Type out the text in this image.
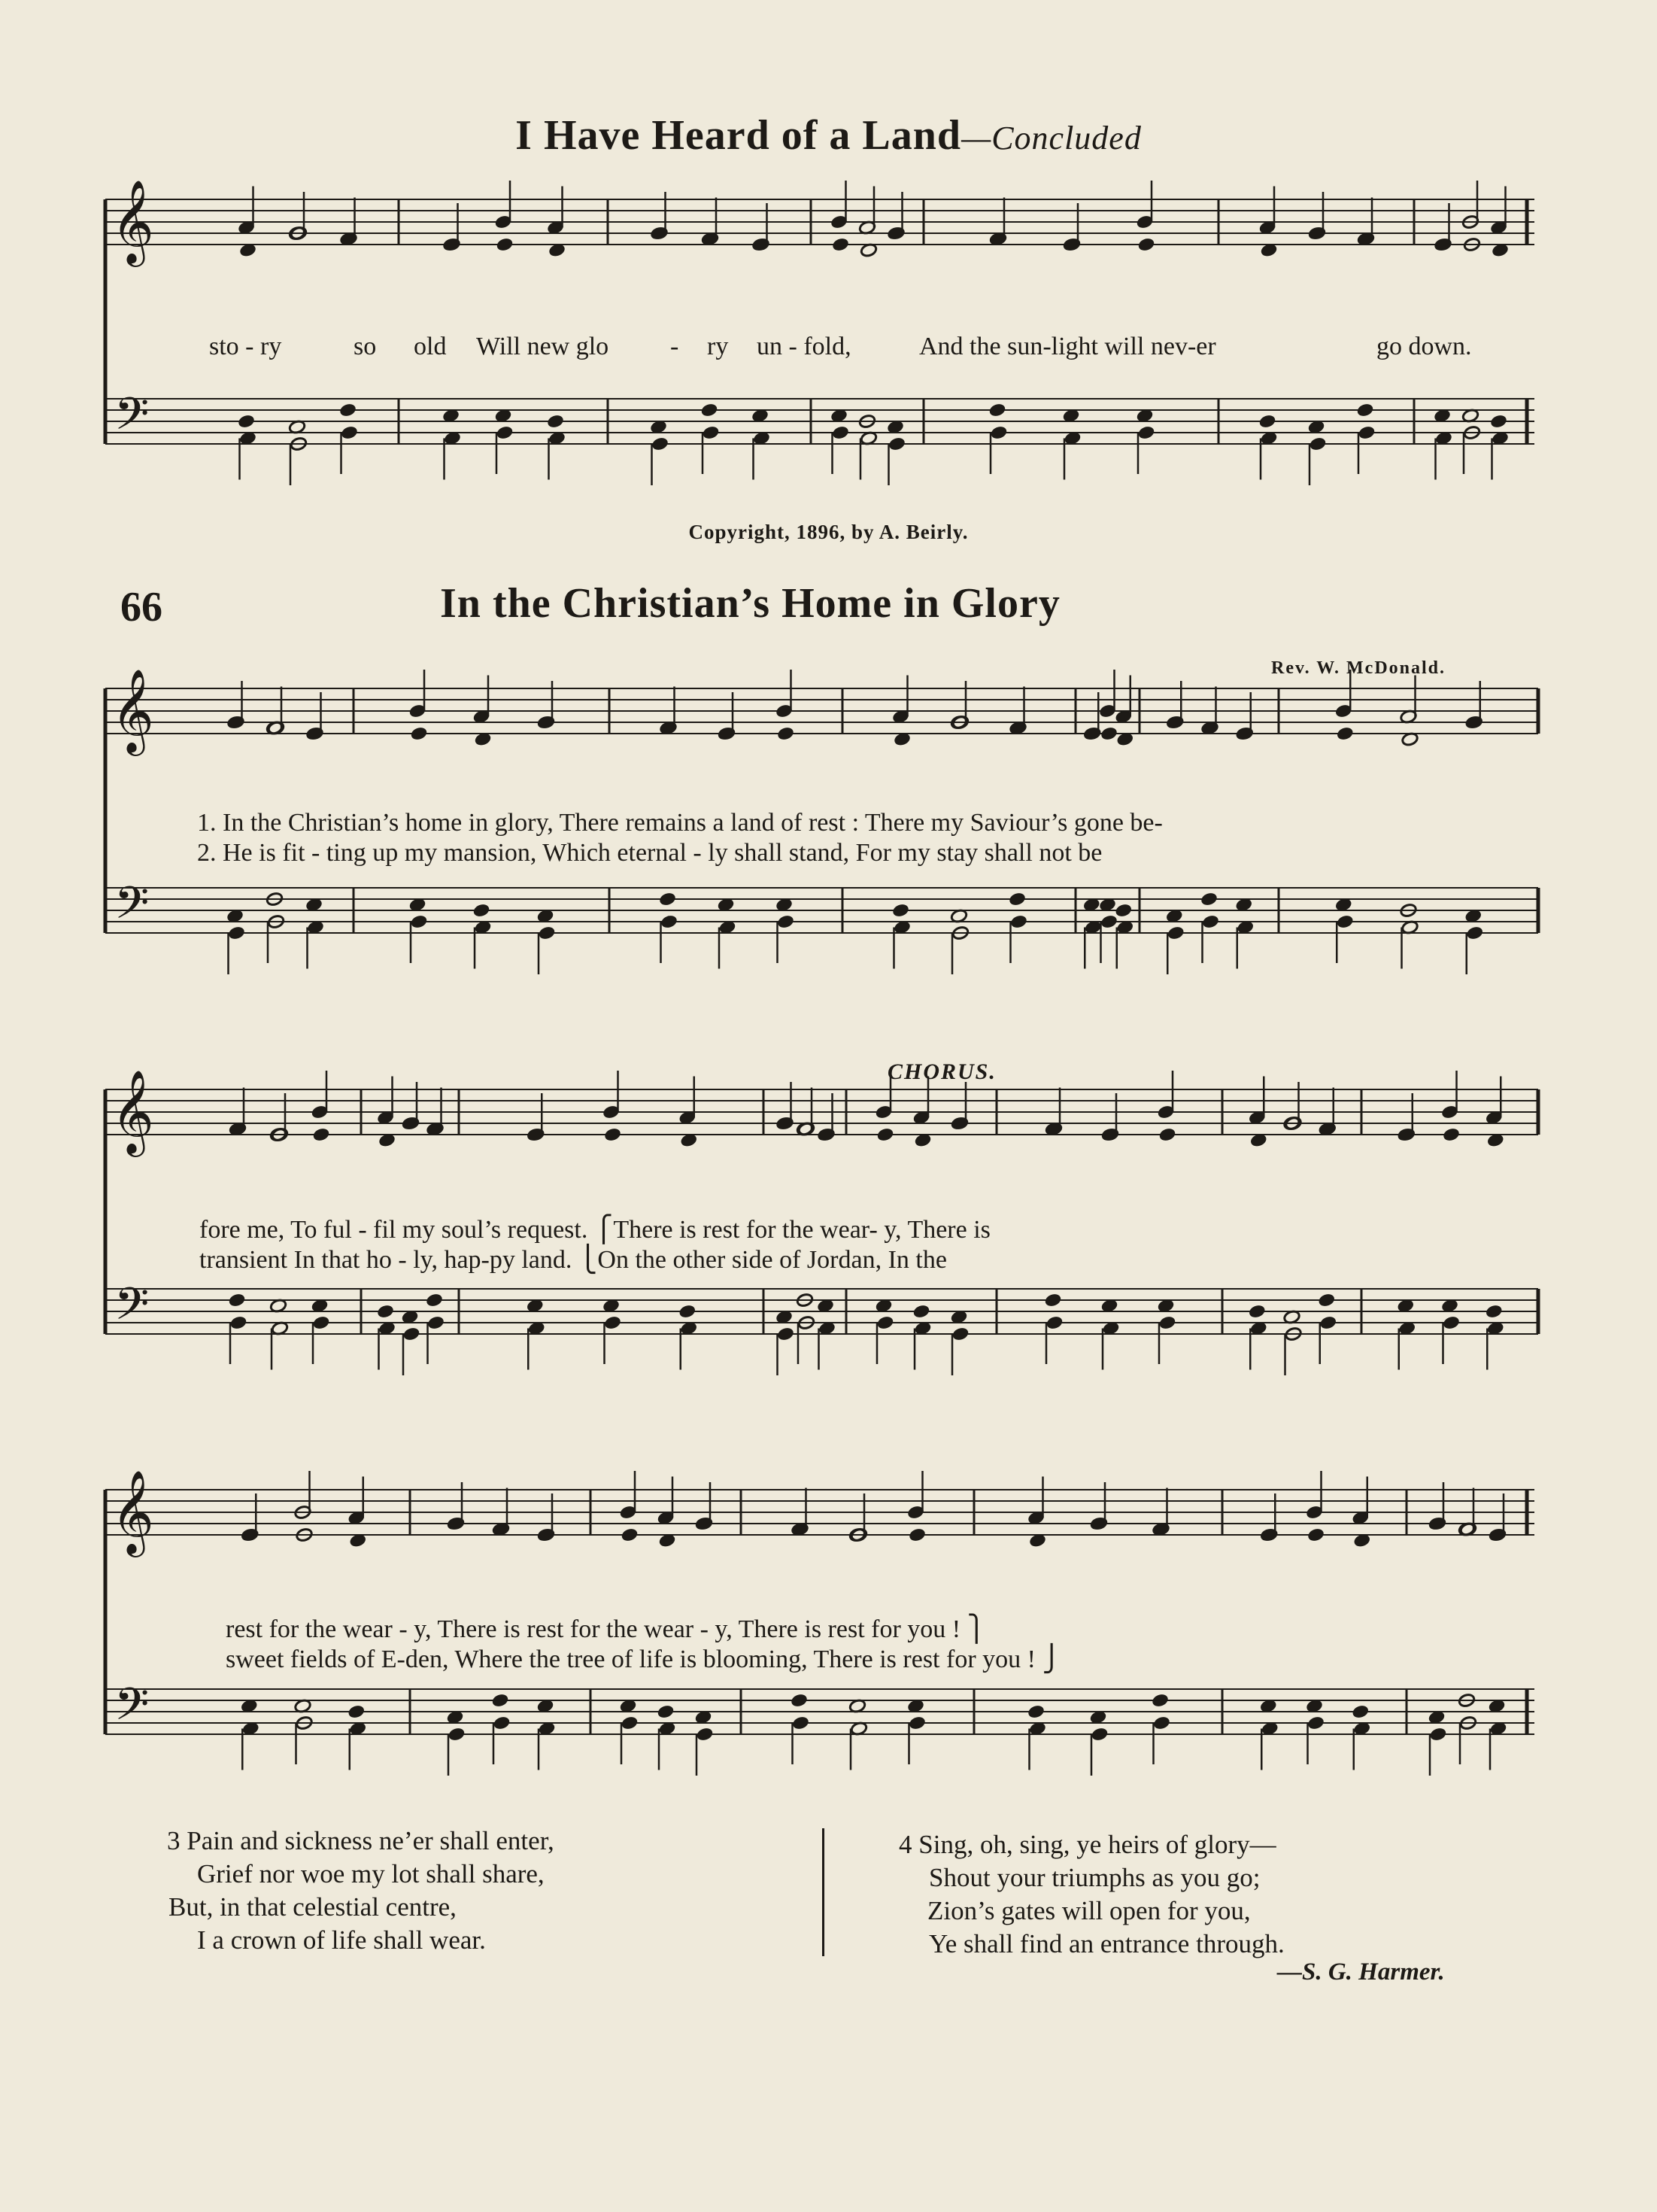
I Have Heard of a Land—Concluded
𝄞
𝄢
𝄞
𝄢
𝄞
𝄢
𝄞
𝄢
sto - ry	so old Will new glo - ry un - fold,	And the sun-light will nev-er	go down.
Copyright, 1896, by A. Beirly.
66	In the Christian’s Home in Glory
Rev. W. McDonald.
1. In the Christian’s home in glory, There remains a land of rest : There my Saviour’s gone be-
2. He is fit - ting up my mansion, Which eternal - ly shall stand, For my stay shall not be
CHORUS.
fore me, To ful - fil my soul’s request. ⎧There is rest for the wear- y, There is
transient In that ho - ly, hap-py land. ⎩On the other side of Jordan, In the
rest for the wear - y, There is rest for the wear - y, There is rest for you ! ⎫
sweet fields of E-den, Where the tree of life is blooming, There is rest for you ! ⎭
3 Pain and sickness ne’er shall enter,
Grief nor woe my lot shall share,
But, in that celestial centre,
I a crown of life shall wear.
4 Sing, oh, sing, ye heirs of glory—
Shout your triumphs as you go;
Zion’s gates will open for you,
Ye shall find an entrance through.
—S. G. Harmer.
